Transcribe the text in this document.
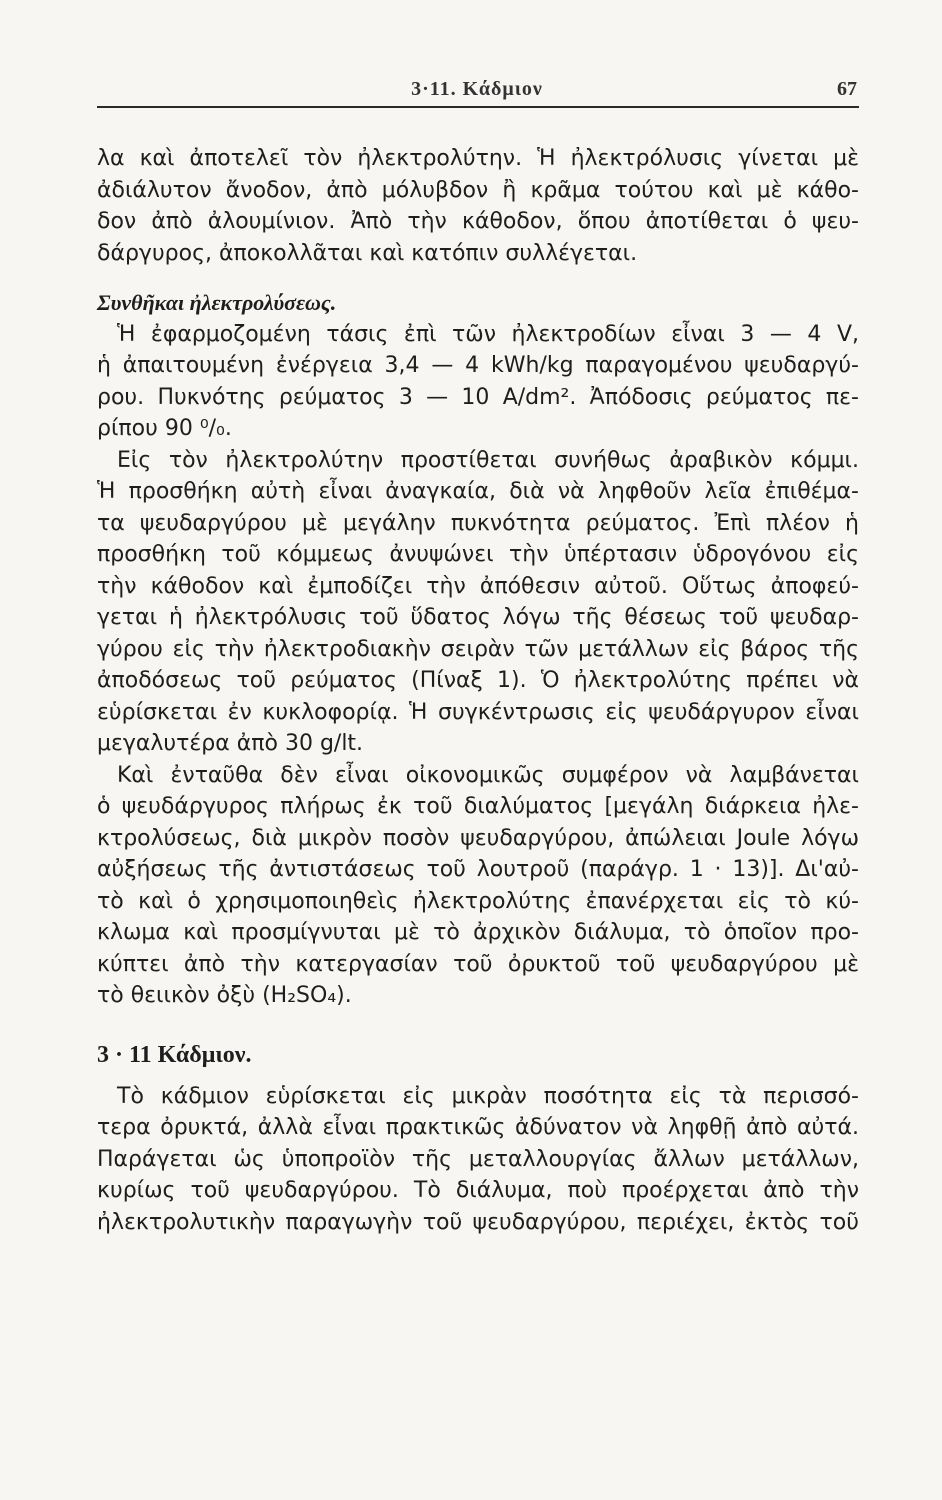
3·11. Κάδμιον	67
λα καὶ ἀποτελεῖ τὸν ἠλεκτρολύτην. Ἡ ἠλεκτρόλυσις γίνεται μὲ
ἀδιάλυτον ἄνοδον, ἀπὸ μόλυβδον ἢ κρᾶμα τούτου καὶ μὲ κάθο-
δον ἀπὸ ἀλουμίνιον. Ἀπὸ τὴν κάθοδον, ὅπου ἀποτίθεται ὁ ψευ-
δάργυρος, ἀποκολλᾶται καὶ κατόπιν συλλέγεται.
Συνθῆκαι ἠλεκτρολύσεως.
Ἡ ἐφαρμοζομένη τάσις ἐπὶ τῶν ἠλεκτροδίων εἶναι 3 — 4 V,
ἡ ἀπαιτουμένη ἐνέργεια 3,4 — 4 kWh/kg παραγομένου ψευδαργύ-
ρου. Πυκνότης ρεύματος 3 — 10 A/dm². Ἀπόδοσις ρεύματος πε-
ρίπου 90 ⁰/₀.
Εἰς τὸν ἠλεκτρολύτην προστίθεται συνήθως ἀραβικὸν κόμμι.
Ἡ προσθήκη αὐτὴ εἶναι ἀναγκαία, διὰ νὰ ληφθοῦν λεῖα ἐπιθέμα-
τα ψευδαργύρου μὲ μεγάλην πυκνότητα ρεύματος. Ἐπὶ πλέον ἡ
προσθήκη τοῦ κόμμεως ἀνυψώνει τὴν ὑπέρτασιν ὑδρογόνου εἰς
τὴν κάθοδον καὶ ἐμποδίζει τὴν ἀπόθεσιν αὐτοῦ. Οὕτως ἀποφεύ-
γεται ἡ ἠλεκτρόλυσις τοῦ ὕδατος λόγω τῆς θέσεως τοῦ ψευδαρ-
γύρου εἰς τὴν ἠλεκτροδιακὴν σειρὰν τῶν μετάλλων εἰς βάρος τῆς
ἀποδόσεως τοῦ ρεύματος (Πίναξ 1). Ὁ ἠλεκτρολύτης πρέπει νὰ
εὑρίσκεται ἐν κυκλοφορίᾳ. Ἡ συγκέντρωσις εἰς ψευδάργυρον εἶναι
μεγαλυτέρα ἀπὸ 30 g/lt.
Καὶ ἐνταῦθα δὲν εἶναι οἰκονομικῶς συμφέρον νὰ λαμβάνεται
ὁ ψευδάργυρος πλήρως ἐκ τοῦ διαλύματος [μεγάλη διάρκεια ἠλε-
κτρολύσεως, διὰ μικρὸν ποσὸν ψευδαργύρου, ἀπώλειαι Joule λόγω
αὐξήσεως τῆς ἀντιστάσεως τοῦ λουτροῦ (παράγρ. 1 · 13)]. Δι'αὐ-
τὸ καὶ ὁ χρησιμοποιηθεὶς ἠλεκτρολύτης ἐπανέρχεται εἰς τὸ κύ-
κλωμα καὶ προσμίγνυται μὲ τὸ ἀρχικὸν διάλυμα, τὸ ὁποῖον προ-
κύπτει ἀπὸ τὴν κατεργασίαν τοῦ ὀρυκτοῦ τοῦ ψευδαργύρου μὲ
τὸ θειικὸν ὀξὺ (H₂SO₄).
3 · 11 Κάδμιον.
Τὸ κάδμιον εὑρίσκεται εἰς μικρὰν ποσότητα εἰς τὰ περισσό-
τερα ὀρυκτά, ἀλλὰ εἶναι πρακτικῶς ἀδύνατον νὰ ληφθῇ ἀπὸ αὐτά.
Παράγεται ὡς ὑποπροϊὸν τῆς μεταλλουργίας ἄλλων μετάλλων,
κυρίως τοῦ ψευδαργύρου. Τὸ διάλυμα, ποὺ προέρχεται ἀπὸ τὴν
ἠλεκτρολυτικὴν παραγωγὴν τοῦ ψευδαργύρου, περιέχει, ἐκτὸς τοῦ
